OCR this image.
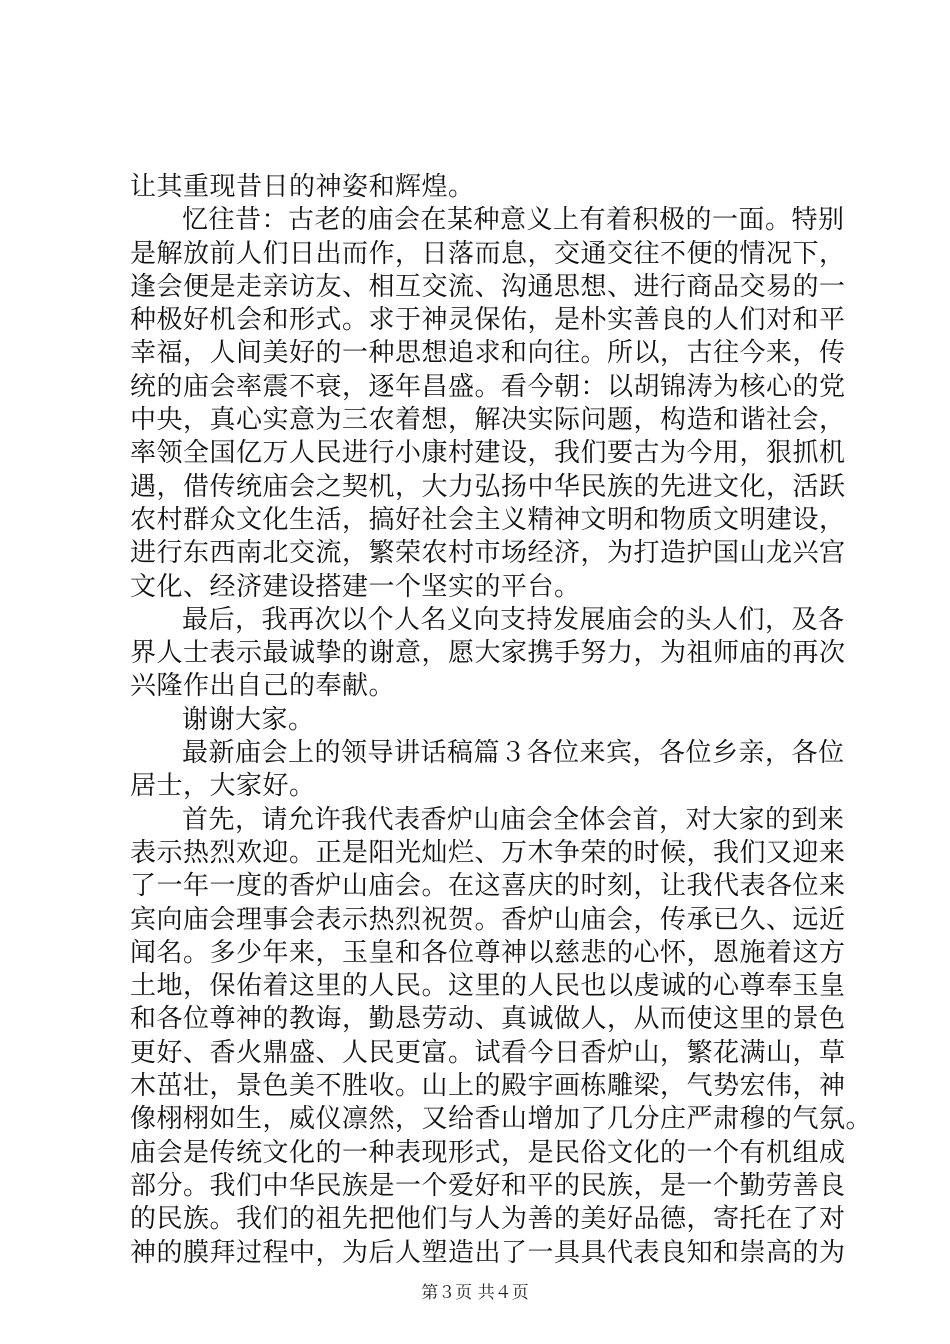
让其重现昔日的神姿和辉煌。
忆往昔：古老的庙会在某种意义上有着积极的一面。特别
是解放前人们日出而作，日落而息，交通交往不便的情况下，
逢会便是走亲访友、相互交流、沟通思想、进行商品交易的一
种极好机会和形式。求于神灵保佑，是朴实善良的人们对和平
幸福，人间美好的一种思想追求和向往。所以，古往今来，传
统的庙会率震不衰，逐年昌盛。看今朝：以胡锦涛为核心的党
中央，真心实意为三农着想，解决实际问题，构造和谐社会，
率领全国亿万人民进行小康村建设，我们要古为今用，狠抓机
遇，借传统庙会之契机，大力弘扬中华民族的先进文化，活跃
农村群众文化生活，搞好社会主义精神文明和物质文明建设，
进行东西南北交流，繁荣农村市场经济，为打造护国山龙兴宫
文化、经济建设搭建一个坚实的平台。
最后，我再次以个人名义向支持发展庙会的头人们，及各
界人士表示最诚挚的谢意，愿大家携手努力，为祖师庙的再次
兴隆作出自己的奉献。
谢谢大家。
最新庙会上的领导讲话稿篇３各位来宾，各位乡亲，各位
居士，大家好。
首先，请允许我代表香炉山庙会全体会首，对大家的到来
表示热烈欢迎。正是阳光灿烂、万木争荣的时候，我们又迎来
了一年一度的香炉山庙会。在这喜庆的时刻，让我代表各位来
宾向庙会理事会表示热烈祝贺。香炉山庙会，传承已久、远近
闻名。多少年来，玉皇和各位尊神以慈悲的心怀，恩施着这方
土地，保佑着这里的人民。这里的人民也以虔诚的心尊奉玉皇
和各位尊神的教诲，勤恳劳动、真诚做人，从而使这里的景色
更好、香火鼎盛、人民更富。试看今日香炉山，繁花满山，草
木茁壮，景色美不胜收。山上的殿宇画栋雕梁，气势宏伟，神
像栩栩如生，威仪凛然，又给香山增加了几分庄严肃穆的气氛。
庙会是传统文化的一种表现形式，是民俗文化的一个有机组成
部分。我们中华民族是一个爱好和平的民族，是一个勤劳善良
的民族。我们的祖先把他们与人为善的美好品德，寄托在了对
神的膜拜过程中，为后人塑造出了一具具代表良知和崇高的为
第３页 共４页
